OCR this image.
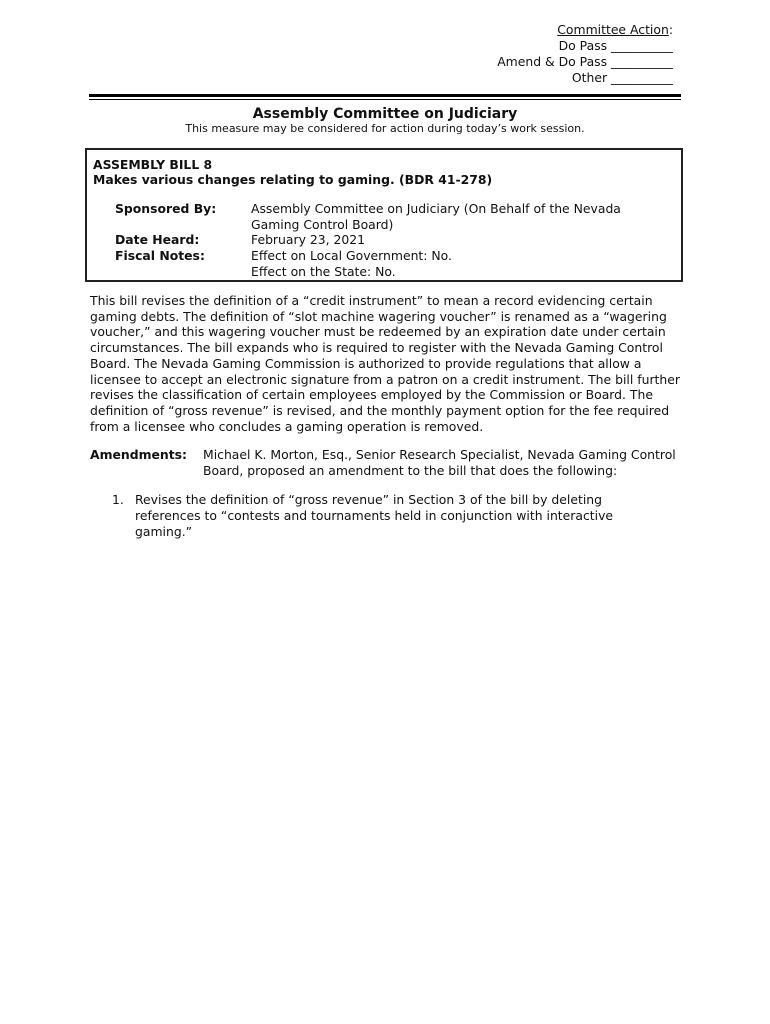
Committee Action:
Do Pass __________
Amend & Do Pass __________
Other __________
Assembly Committee on Judiciary
This measure may be considered for action during today’s work session.
ASSEMBLY BILL 8
Makes various changes relating to gaming. (BDR 41-278)
Sponsored By:	Assembly Committee on Judiciary (On Behalf of the Nevada Gaming Control Board)
Date Heard:	February 23, 2021
Fiscal Notes:	Effect on Local Government: No.
Effect on the State: No.

This bill revises the definition of a “credit instrument” to mean a record evidencing certain gaming debts. The definition of “slot machine wagering voucher” is renamed as a “wagering voucher,” and this wagering voucher must be redeemed by an expiration date under certain circumstances. The bill expands who is required to register with the Nevada Gaming Control Board. The Nevada Gaming Commission is authorized to provide regulations that allow a licensee to accept an electronic signature from a patron on a credit instrument. The bill further revises the classification of certain employees employed by the Commission or Board. The definition of “gross revenue” is revised, and the monthly payment option for the fee required from a licensee who concludes a gaming operation is removed.

Amendments: Michael K. Morton, Esq., Senior Research Specialist, Nevada Gaming Control Board, proposed an amendment to the bill that does the following:
1. Revises the definition of “gross revenue” in Section 3 of the bill by deleting references to “contests and tournaments held in conjunction with interactive gaming.”
